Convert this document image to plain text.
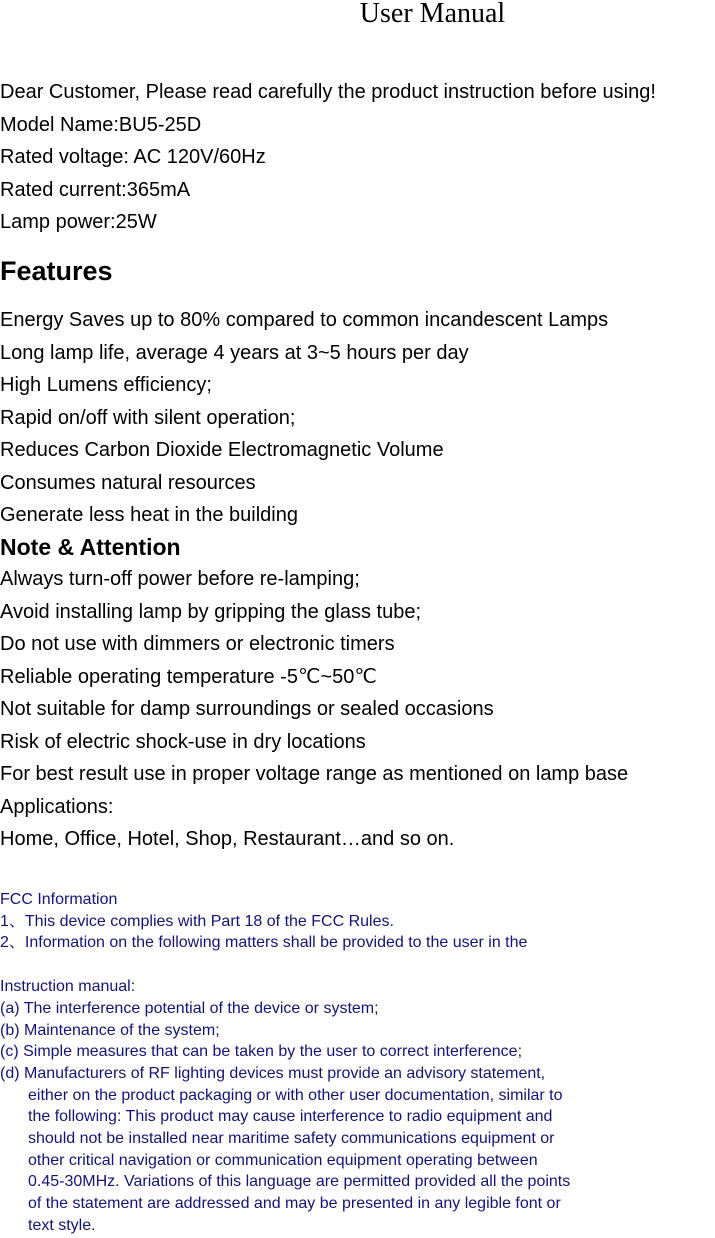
User Manual
Dear Customer, Please read carefully the product instruction before using!
Model Name:BU5-25D
Rated voltage: AC 120V/60Hz
Rated current:365mA
Lamp power:25W
Features
Energy Saves up to 80% compared to common incandescent Lamps
Long lamp life, average 4 years at 3~5 hours per day
High Lumens efficiency;
Rapid on/off with silent operation;
Reduces Carbon Dioxide Electromagnetic Volume
Consumes natural resources
Generate less heat in the building
Note & Attention
Always turn-off power before re-lamping;
Avoid installing lamp by gripping the glass tube;
Do not use with dimmers or electronic timers
Reliable operating temperature -5℃~50℃
Not suitable for damp surroundings or sealed occasions
Risk of electric shock-use in dry locations
For best result use in proper voltage range as mentioned on lamp base
Applications:
Home, Office, Hotel, Shop, Restaurant…and so on.
FCC Information
1、This device complies with Part 18 of the FCC Rules.
2、Information on the following matters shall be provided to the user in the
Instruction manual:
(a) The interference potential of the device or system;
(b) Maintenance of the system;
(c) Simple measures that can be taken by the user to correct interference;
(d) Manufacturers of RF lighting devices must provide an advisory statement,
either on the product packaging or with other user documentation, similar to
the following: This product may cause interference to radio equipment and
should not be installed near maritime safety communications equipment or
other critical navigation or communication equipment operating between
0.45-30MHz. Variations of this language are permitted provided all the points
of the statement are addressed and may be presented in any legible font or
text style.
